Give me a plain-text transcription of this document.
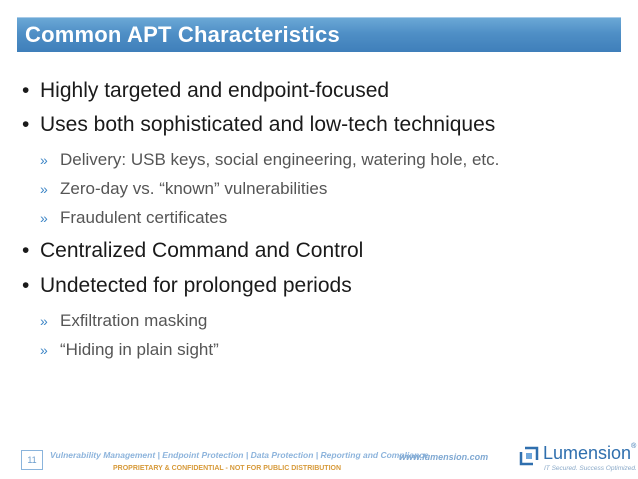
Common APT Characteristics
• Highly targeted and endpoint-focused
• Uses both sophisticated and low-tech techniques
» Delivery: USB keys, social engineering, watering hole, etc.
» Zero-day vs. “known” vulnerabilities
» Fraudulent certificates
• Centralized Command and Control
• Undetected for prolonged periods
» Exfiltration masking
» “Hiding in plain sight”
11	Vulnerability Management | Endpoint Protection | Data Protection | Reporting and Compliance
PROPRIETARY & CONFIDENTIAL - NOT FOR PUBLIC DISTRIBUTION
www.lumension.com	Lumension®
IT Secured. Success Optimized.
